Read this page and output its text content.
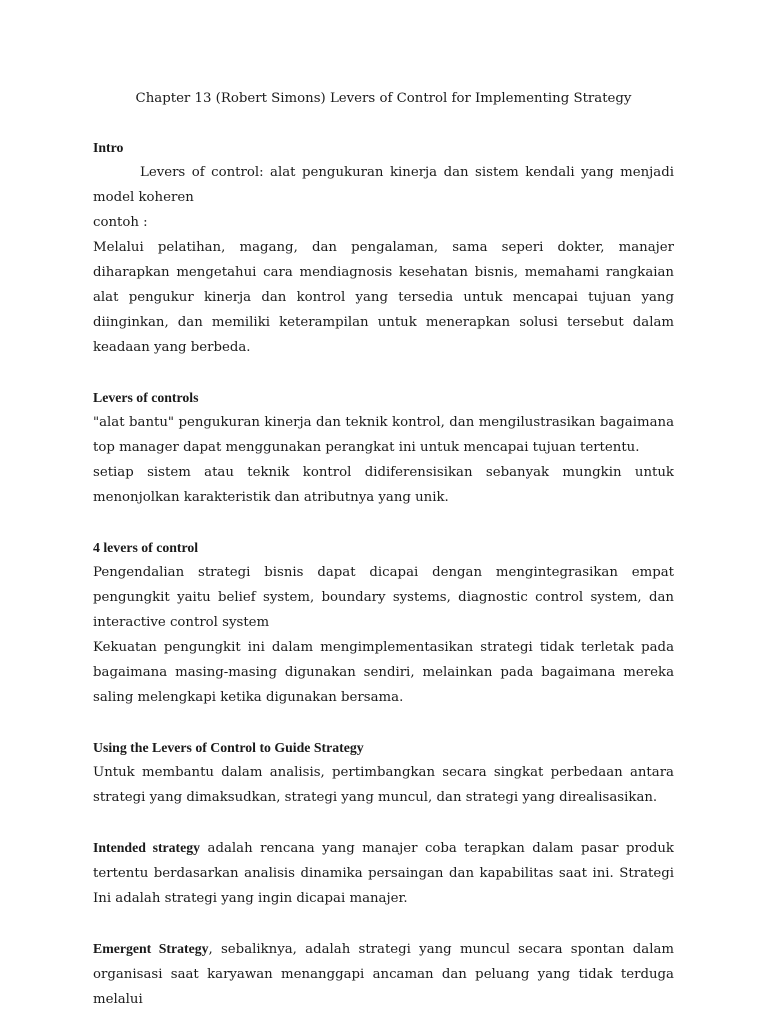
Chapter 13 (Robert Simons) Levers of Control for Implementing Strategy
Intro

Levers of control: alat pengukuran kinerja dan sistem kendali yang menjadi model koheren

contoh :

Melalui pelatihan, magang, dan pengalaman, sama seperi dokter, manajer diharapkan mengetahui cara mendiagnosis kesehatan bisnis, memahami rangkaian alat pengukur kinerja dan kontrol yang tersedia untuk mencapai tujuan yang diinginkan, dan memiliki keterampilan untuk menerapkan solusi tersebut dalam keadaan yang berbeda.

Levers of controls

"alat bantu" pengukuran kinerja dan teknik kontrol, dan mengilustrasikan bagaimana top manager dapat menggunakan perangkat ini untuk mencapai tujuan tertentu.

setiap sistem atau teknik kontrol didiferensisikan sebanyak mungkin untuk menonjolkan karakteristik dan atributnya yang unik.

4 levers of control

Pengendalian strategi bisnis dapat dicapai dengan mengintegrasikan empat pengungkit yaitu belief system, boundary systems, diagnostic control system, dan interactive control system

Kekuatan pengungkit ini dalam mengimplementasikan strategi tidak terletak pada bagaimana masing-masing digunakan sendiri, melainkan pada bagaimana mereka saling melengkapi ketika digunakan bersama.

Using the Levers of Control to Guide Strategy

Untuk membantu dalam analisis, pertimbangkan secara singkat perbedaan antara strategi yang dimaksudkan, strategi yang muncul, dan strategi yang direalisasikan.

Intended strategy adalah rencana yang manajer coba terapkan dalam pasar produk tertentu berdasarkan analisis dinamika persaingan dan kapabilitas saat ini. Strategi Ini adalah strategi yang ingin dicapai manajer.

Emergent Strategy, sebaliknya, adalah strategi yang muncul secara spontan dalam organisasi saat karyawan menanggapi ancaman dan peluang yang tidak terduga melalui
